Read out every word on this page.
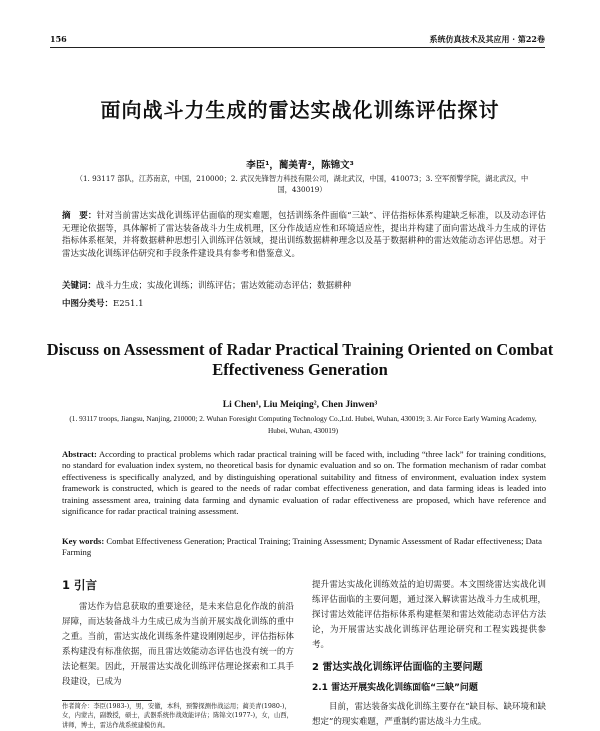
156	系统仿真技术及其应用 · 第22卷
面向战斗力生成的雷达实战化训练评估探讨
李臣¹，蔺美青²，陈锦文³
（1. 93117 部队，江苏南京，中国，210000；2. 武汉先锋智力科技有限公司，湖北武汉，中国，410073；3. 空军预警学院，湖北武汉，中国，430019）
摘　要：针对当前雷达实战化训练评估面临的现实难题，包括训练条件面临“三缺”、评估指标体系构建缺乏标准，以及动态评估无理论依据等，具体解析了雷达装备战斗力生成机理，区分作战适应性和环境适应性，提出并构建了面向雷达战斗力生成的评估指标体系框架，并将数据耕种思想引入训练评估领域，提出训练数据耕种理念以及基于数据耕种的雷达效能动态评估思想。对于雷达实战化训练评估研究和手段条件建设具有参考和借鉴意义。
关键词：战斗力生成；实战化训练；训练评估；雷达效能动态评估；数据耕种
中图分类号：E251.1
Discuss on Assessment of Radar Practical Training Oriented on Combat Effectiveness Generation
Li Chen¹, Liu Meiqing², Chen Jinwen³
(1. 93117 troops, Jiangsu, Nanjing, 210000; 2. Wuhan Foresight Computing Technology Co.,Ltd. Hubei, Wuhan, 430019; 3. Air Force Early Warning Academy, Hubei, Wuhan, 430019)
Abstract: According to practical problems which radar practical training will be faced with, including “three lack” for training conditions, no standard for evaluation index system, no theoretical basis for dynamic evaluation and so on. The formation mechanism of radar combat effectiveness is specifically analyzed, and by distinguishing operational suitability and fitness of environment, evaluation index system framework is constructed, which is geared to the needs of radar combat effectiveness generation, and data farming ideas is leaded into training assessment area, training data farming and dynamic evaluation of radar effectiveness are proposed, which have reference and significance for radar practical training assessment.
Key words: Combat Effectiveness Generation; Practical Training; Training Assessment; Dynamic Assessment of Radar effectiveness; Data Farming
1 引言

雷达作为信息获取的重要途径，是未来信息化作战的前沿屏障，而达装备战斗力生成已成为当前开展实战化训练的重中之重。当前，雷达实战化训练条件建设刚刚起步，评估指标体系构建没有标准依据，而且雷达效能动态评估也没有统一的方法论框架。因此，开展雷达实战化训练评估理论探索和工具手段建设，已成为

提升雷达实战化训练效益的迫切需要。本文围绕雷达实战化训练评估面临的主要问题，通过深入解读雷达战斗力生成机理，探讨雷达效能评估指标体系构建框架和雷达效能动态评估方法论，为开展雷达实战化训练评估理论研究和工程实践提供参考。

2 雷达实战化训练评估面临的主要问题
2.1 雷达开展实战化训练面临“三缺”问题

目前，雷达装备实战化训练主要存在“缺目标、缺环境和缺想定”的现实难题，严重制约雷达战斗力生成。

作者简介：李臣(1983-)，男，安徽，本科，预警探测作战运用；蔺美青(1980-)，女，内蒙古，副教授，硕士，武器系统作战效能评估；陈锦文(1977-)，女，山西，讲师，博士，雷达作战系统建模仿真。
